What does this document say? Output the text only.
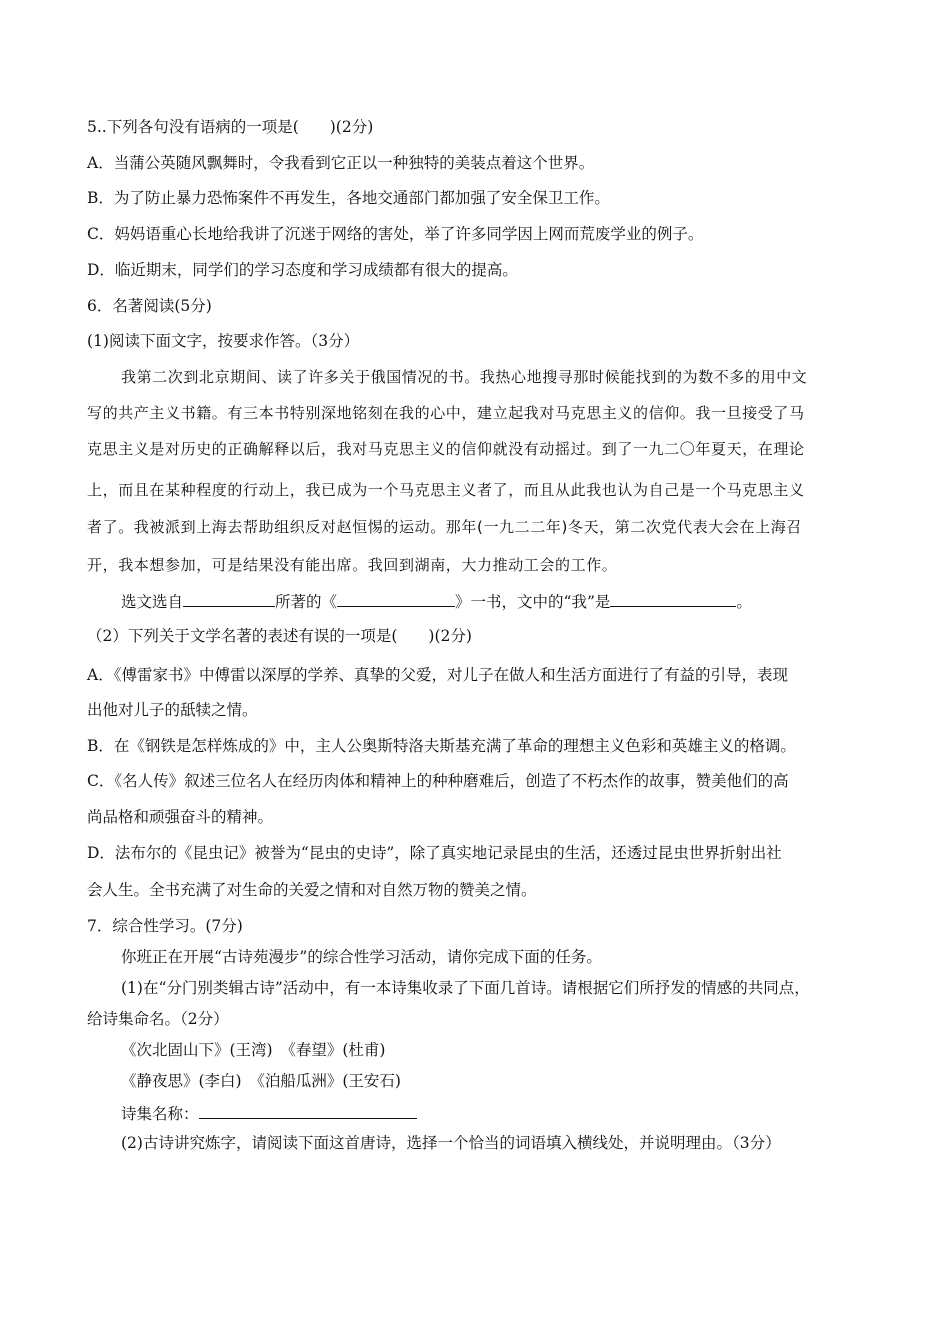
5..下列各句没有语病的一项是(　　)(2分)
A．当蒲公英随风飘舞时，令我看到它正以一种独特的美装点着这个世界。
B．为了防止暴力恐怖案件不再发生，各地交通部门都加强了安全保卫工作。
C．妈妈语重心长地给我讲了沉迷于网络的害处，举了许多同学因上网而荒废学业的例子。
D．临近期末，同学们的学习态度和学习成绩都有很大的提高。
6．名著阅读(5分)
(1)阅读下面文字，按要求作答。（3分）
我第二次到北京期间、读了许多关于俄国情况的书。我热心地搜寻那时候能找到的为数不多的用中文
写的共产主义书籍。有三本书特别深地铭刻在我的心中，建立起我对马克思主义的信仰。我一旦接受了马
克思主义是对历史的正确解释以后，我对马克思主义的信仰就没有动摇过。到了一九二〇年夏天，在理论
上，而且在某种程度的行动上，我已成为一个马克思主义者了，而且从此我也认为自己是一个马克思主义
者了。我被派到上海去帮助组织反对赵恒惕的运动。那年(一九二二年)冬天，第二次党代表大会在上海召
开，我本想参加，可是结果没有能出席。我回到湖南，大力推动工会的工作。
选文选自	所著的《	》一书，文中的“我”是	。
（2）下列关于文学名著的表述有误的一项是(　　)(2分)
A．《傅雷家书》中傅雷以深厚的学养、真挚的父爱，对儿子在做人和生活方面进行了有益的引导，表现
出他对儿子的舐犊之情。
B．在《钢铁是怎样炼成的》中，主人公奥斯特洛夫斯基充满了革命的理想主义色彩和英雄主义的格调。
C．《名人传》叙述三位名人在经历肉体和精神上的种种磨难后，创造了不朽杰作的故事，赞美他们的高
尚品格和顽强奋斗的精神。
D．法布尔的《昆虫记》被誉为“昆虫的史诗”，除了真实地记录昆虫的生活，还透过昆虫世界折射出社
会人生。全书充满了对生命的关爱之情和对自然万物的赞美之情。
7．综合性学习。(7分)
你班正在开展“古诗苑漫步”的综合性学习活动，请你完成下面的任务。
(1)在“分门别类辑古诗”活动中，有一本诗集收录了下面几首诗。请根据它们所抒发的情感的共同点，
给诗集命名。（2分）
《次北固山下》(王湾)　《春望》(杜甫)
《静夜思》(李白)　《泊船瓜洲》(王安石)
诗集名称：
(2)古诗讲究炼字，请阅读下面这首唐诗，选择一个恰当的词语填入横线处，并说明理由。（3分）
